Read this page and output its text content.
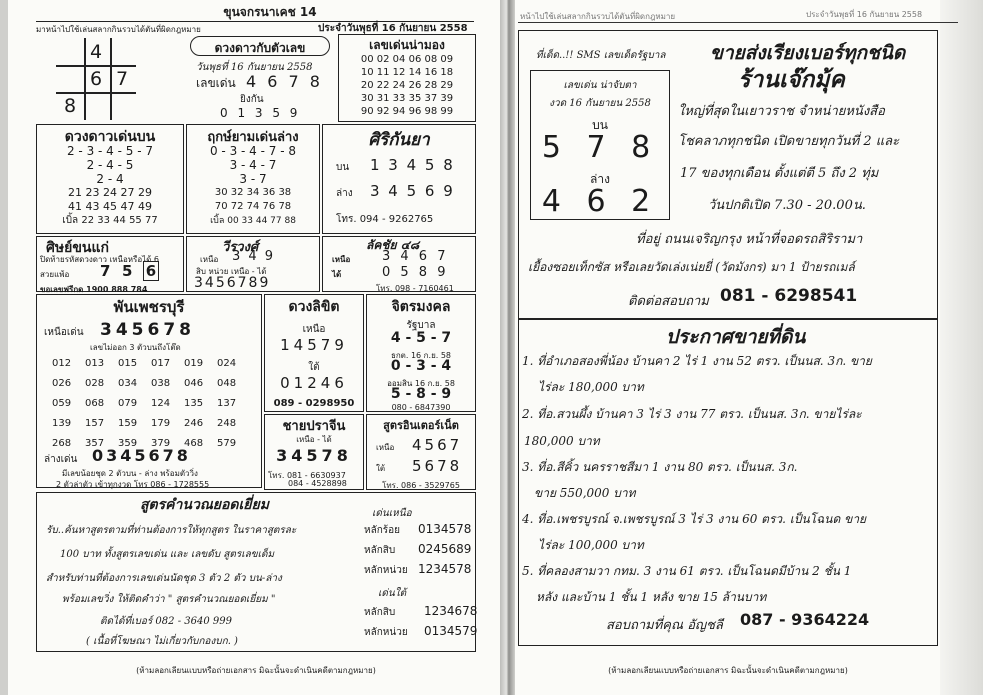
ขุนจกรนาเคช 14
มาหน้าไปใช้เล่นสลากกินรวบได้ตันที่ผิดกฎหมาย	ประจำวันพุธที่ 16 กันยายน 2558
4
6 7
8
ดวงดาวกับตัวเลข
วันพุธที่ 16 กันยายน 2558
เลขเด่น 4 6 7 8
ยิงกัน
0 1 3 5 9
เลขเด่นน่ามอง
00 02 04 06 08 09
10 11 12 14 16 18
20 22 24 26 28 29
30 31 33 35 37 39
90 92 94 96 98 99
ดวงดาวเด่นบน
2 - 3 - 4 - 5 - 7
2 - 4 - 5
2 - 4
21 23 24 27 29
41 43 45 47 49
เบิ้ล 22 33 44 55 77
ฤกษ์ยามเด่นล่าง
0 - 3 - 4 - 7 - 8
3 - 4 - 7
3 - 7
30 32 34 36 38
70 72 74 76 78
เบิ้ล 00 33 44 77 88
ศิริกันยา
บน 1 3 4 5 8
ล่าง 3 4 5 6 9
โทร. 094 - 9262765
ศิษย์ขนแก่
ปิดท้ายรหัสดวงดาว เหนือหรือได้ 6
สวยแพ้อ 7 5 6
ขอเลขฟรีกด 1900 888 784
วีรวงศ์
เหนือ 3 4 9
สิบ หน่วย เหนือ - ได้
3456789
ลัคชัย ๔๘
เหนือ 3 4 6 7
ได้	0 5 8 9
โทร. 098 - 7160461
พันเพชรบุรี
เหนือเด่น 345678
เลขไม่ออก 3 ตัวบนถึงโต๊ด
012 013 015 017 019 024
026 028 034 038 046 048
059 068 079 124 135 137
139 157 159 179 246 248
268 357 359 379 468 579
ล่างเด่น 0345678
มีเลขน้อยชุด 2 ตัวบน - ล่าง พร้อมตัววิ่ง
2 ตัวล่าตัว เข้าทุกงวด โทร 086 - 1728555
ดวงลิขิต
เหนือ
14579
ใต้
01246
089 - 0298950
จิตรมงคล
รัฐบาล
4 - 5 - 7
ธกต. 16 ก.ย. 58
0 - 3 - 4
ออมสิน 16 ก.ย. 58
5 - 8 - 9
080 - 6847390
ชายปราจีน
เหนือ - ได้
34578
โทร. 081 - 6630937
084 - 4528898
สูตรอินเตอร์เน็ต
เหนือ 4567
ใต้ 5678
โทร. 086 - 3529765
สูตรคำนวณยอดเยี่ยม
รับ..ค้นหาสูตรตามที่ท่านต้องการให้ทุกสูตร ในราคาสูตรละ
100 บาท ทั้งสูตรเลขเด่น และ เลขดับ สูตรเลขเด็ม
สำหรับท่านที่ต้องการเลขเด่นนัดชุด 3 ตัว 2 ตัว บน-ล่าง
พร้อมเลขวิ่ง ให้ติดคำว่า " สูตรคำนวณยอดเยี่ยม "
ติดได้ที่เบอร์ 082 - 3640 999
( เนื้อที่โฆษณา ไม่เกี่ยวกับกองบก. )
เด่นเหนือ
หลักร้อย 0134578
หลักสิบ 0245689
หลักหน่วย 1234578
เด่นใต้
หลักสิบ 1234678
หลักหน่วย 0134579
(ห้ามลอกเลียนแบบหรือถ่ายเอกสาร มิฉะนั้นจะดำเนินคดีตามกฎหมาย)
หน้าไปใช้เล่นสลากกินรวบได้ตันที่ผิดกฎหมาย	ประจำวันพุธที่ 16 กันยายน 2558
ที่เด็ด..!! SMS เลขเด็ดรัฐบาล
เลขเด่น น่าจับตา
งวด 16 กันยายน 2558
บน
5 7 8
ล่าง
4 6 2
ขายส่งเรียงเบอร์ทุกชนิด
ร้านเจ๊กมุ้ค
ใหญ่ที่สุดในเยาวราช จำหน่ายหนังสือ
โชคลาภทุกชนิด เปิดขายทุกวันที่ 2 และ
17 ของทุกเดือน ตั้งแต่ตี 5 ถึง 2 ทุ่ม
วันปกติเปิด 7.30 - 20.00น.
ที่อยู่ ถนนเจริญกรุง หน้าที่จอดรถสิริรามา
เยื้องซอยเท็กซัส หรือเลยวัดเล่งเน่ยยี่ (วัดมังกร) มา 1 ป้ายรถเมล์
ติดต่อสอบถาม 081 - 6298541
ประกาศขายที่ดิน
1. ที่อำเภอสองพี่น้อง บ้านคา 2 ไร่ 1 งาน 52 ตรว. เป็นนส. 3ก. ขาย
ไร่ละ 180,000 บาท
2. ที่อ.สวนผึ้ง บ้านคา 3 ไร่ 3 งาน 77 ตรว. เป็นนส. 3ก. ขายไร่ละ
180,000 บาท
3. ที่อ.สีคิ้ว นครราชสีมา 1 งาน 80 ตรว. เป็นนส. 3ก.
ขาย 550,000 บาท
4. ที่อ.เพชรบูรณ์ จ.เพชรบูรณ์ 3 ไร่ 3 งาน 60 ตรว. เป็นโฉนด ขาย
ไร่ละ 100,000 บาท
5. ที่คลองสามวา กทม. 3 งาน 61 ตรว. เป็นโฉนดมีบ้าน 2 ชั้น 1
หลัง และบ้าน 1 ชั้น 1 หลัง ขาย 15 ล้านบาท
สอบถามที่คุณ อัญชลี 087 - 9364224
(ห้ามลอกเลียนแบบหรือถ่ายเอกสาร มิฉะนั้นจะดำเนินคดีตามกฎหมาย)
